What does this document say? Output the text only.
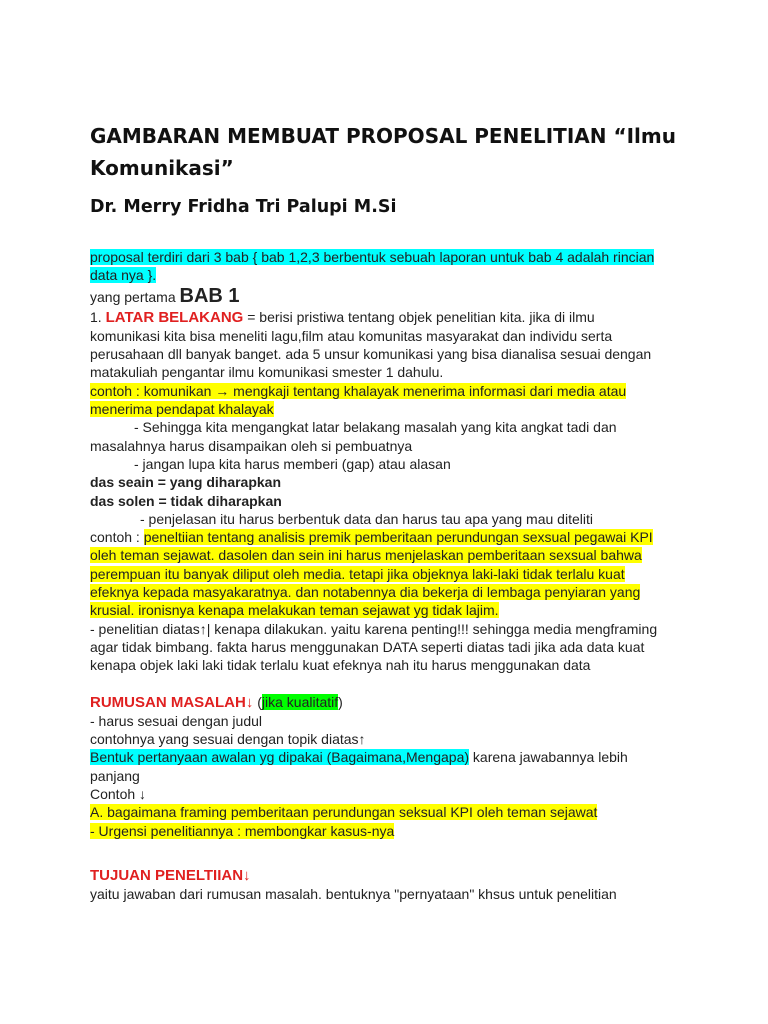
GAMBARAN MEMBUAT PROPOSAL PENELITIAN “Ilmu Komunikasi”
Dr. Merry Fridha Tri Palupi M.Si
proposal terdiri dari 3 bab { bab 1,2,3 berbentuk sebuah laporan untuk bab 4 adalah rincian
data nya }.
yang pertama BAB 1
1. LATAR BELAKANG = berisi pristiwa tentang objek penelitian kita. jika di ilmu
komunikasi kita bisa meneliti lagu,film atau komunitas masyarakat dan individu serta
perusahaan dll banyak banget. ada 5 unsur komunikasi yang bisa dianalisa sesuai dengan
matakuliah pengantar ilmu komunikasi smester 1 dahulu.
contoh : komunikan → mengkaji tentang khalayak menerima informasi dari media atau
menerima pendapat khalayak
- Sehingga kita mengangkat latar belakang masalah yang kita angkat tadi dan
masalahnya harus disampaikan oleh si pembuatnya
- jangan lupa kita harus memberi (gap) atau alasan
das seain = yang diharapkan
das solen = tidak diharapkan
- penjelasan itu harus berbentuk data dan harus tau apa yang mau diteliti
contoh : peneltiian tentang analisis premik pemberitaan perundungan sexsual pegawai KPI
oleh teman sejawat. dasolen dan sein ini harus menjelaskan pemberitaan sexsual bahwa
perempuan itu banyak diliput oleh media. tetapi jika objeknya laki-laki tidak terlalu kuat
efeknya kepada masyakaratnya. dan notabennya dia bekerja di lembaga penyiaran yang
krusial. ironisnya kenapa melakukan teman sejawat yg tidak lajim.
- penelitian diatas↑| kenapa dilakukan. yaitu karena penting!!! sehingga media mengframing
agar tidak bimbang. fakta harus menggunakan DATA seperti diatas tadi jika ada data kuat
kenapa objek laki laki tidak terlalu kuat efeknya nah itu harus menggunakan data
RUMUSAN MASALAH↓ (jika kualitatif)
- harus sesuai dengan judul
contohnya yang sesuai dengan topik diatas↑
Bentuk pertanyaan awalan yg dipakai (Bagaimana,Mengapa) karena jawabannya lebih
panjang
Contoh ↓
A. bagaimana framing pemberitaan perundungan seksual KPI oleh teman sejawat
- Urgensi penelitiannya : membongkar kasus-nya
TUJUAN PENELTIIAN↓
yaitu jawaban dari rumusan masalah. bentuknya "pernyataan" khsus untuk penelitian
